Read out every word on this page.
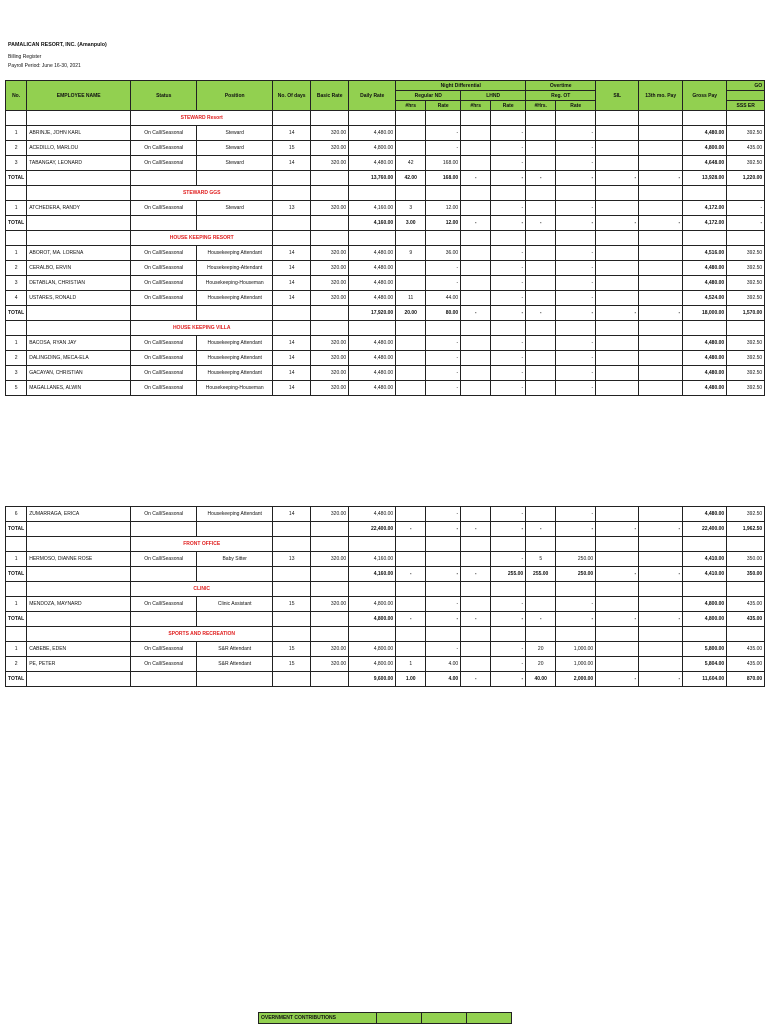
PAMALICAN RESORT, INC. (Amanpulo)
Billing Register
Payroll Period: June 16-30, 2021
No.	EMPLOYEE NAME	Status	Position	No. Of days	Basic Rate	Daily Rate	Night Differential				Overtime		SIL	13th mo. Pay	Gross Pay	GO
							Regular ND		LHND		Reg. OT					
							#hrs	Rate	#hrs	Rate	#Hrs.	Rate				SSS ER
		STEWARD Resort														
1	ABRINJE, JOHN KARL	On Call/Seasonal	Steward	14	320.00	4,480.00		-		-		-			4,480.00	392.50
2	ACEDILLO, MARLOU	On Call/Seasonal	Steward	15	320.00	4,800.00		-		-		-			4,800.00	435.00
3	TABANGAY, LEONARD	On Call/Seasonal	Steward	14	320.00	4,480.00	42	168.00		-		-			4,648.00	392.50
TOTAL						13,760.00	42.00	168.00	-	-	-	-	-	-	13,928.00	1,220.00
		STEWARD GGS														
1	ATCHEDERA, RANDY	On Call/Seasonal	Steward	13	320.00	4,160.00	3	12.00		-		-			4,172.00	-
TOTAL						4,160.00	3.00	12.00	-	-	-	-	-	-	4,172.00	-
		HOUSE KEEPING RESORT														
1	ABOROT, MA. LORENA	On Call/Seasonal	Housekeeping Attendant	14	320.00	4,480.00	9	36.00		-		-			4,516.00	392.50
2	CERALBO, ERVIN	On Call/Seasonal	Housekeeping-Attendant	14	320.00	4,480.00		-		-		-			4,480.00	392.50
3	DETABLAN, CHRISTIAN	On Call/Seasonal	Housekeeping-Houseman	14	320.00	4,480.00		-		-		-			4,480.00	392.50
4	USTARES, RONALD	On Call/Seasonal	Housekeeping Attendant	14	320.00	4,480.00	11	44.00		-		-			4,524.00	392.50
TOTAL						17,920.00	20.00	80.00	-	-	-	-	-	-	18,000.00	1,570.00
		HOUSE KEEPING VILLA														
1	BACOSA, RYAN JAY	On Call/Seasonal	Housekeeping Attendant	14	320.00	4,480.00		-		-		-			4,480.00	392.50
2	DALINGDING, MECA-ELA	On Call/Seasonal	Housekeeping Attendant	14	320.00	4,480.00		-		-		-			4,480.00	392.50
3	GACAYAN, CHRISTIAN	On Call/Seasonal	Housekeeping Attendant	14	320.00	4,480.00		-		-		-			4,480.00	392.50
5	MAGALLANES, ALWIN	On Call/Seasonal	Housekeeping-Houseman	14	320.00	4,480.00		-		-		-			4,480.00	392.50
6	ZUMARRAGA, ERICA	On Call/Seasonal	Housekeeping Attendant	14	320.00	4,480.00		-		-		-			4,480.00	392.50
TOTAL						22,400.00	-	-	-	-	-	-	-	-	22,400.00	1,962.50
		FRONT OFFICE														
1	HERMOSO, DIANNE ROSE	On Call/Seasonal	Baby Sitter	13	320.00	4,160.00				-	5	250.00			4,410.00	350.00
TOTAL						4,160.00	-	-	-	255.00	255.00	250.00	-	-	4,410.00	350.00
		CLINIC														
1	MENDOZA, MAYNARD	On Call/Seasonal	Clinic Assistant	15	320.00	4,800.00		-		-		-			4,800.00	435.00
TOTAL						4,800.00	-	-	-	-	-	-	-	-	4,800.00	435.00
		SPORTS AND RECREATION														
1	CABEBE, EDEN	On Call/Seasonal	S&R Attendant	15	320.00	4,800.00		-		-	20	1,000.00			5,800.00	435.00
2	PE, PETER	On Call/Seasonal	S&R Attendant	15	320.00	4,800.00	1	4.00		-	20	1,000.00			5,804.00	435.00
TOTAL						9,600.00	1.00	4.00	-	-	40.00	2,000.00	-	-	11,604.00	870.00
OVERNMENT CONTRIBUTIONS			
